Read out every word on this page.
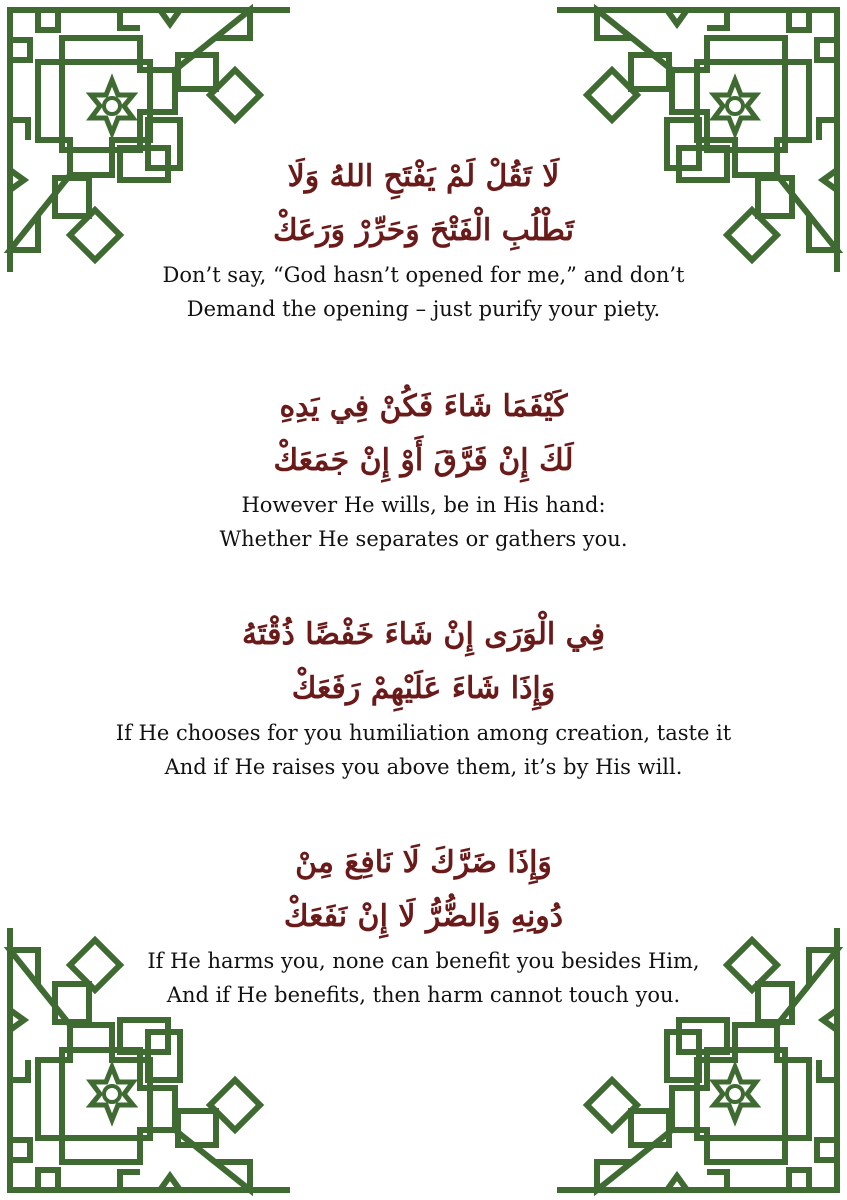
لَا تَقُلْ لَمْ يَفْتَحِ اللهُ وَلَا
تَطْلُبِ الْفَتْحَ وَحَرِّرْ وَرَعَكْ
Don’t say, “God hasn’t opened for me,” and don’t
Demand the opening – just purify your piety.
كَيْفَمَا شَاءَ فَكُنْ فِي يَدِهِ
لَكَ إِنْ فَرَّقَ أَوْ إِنْ جَمَعَكْ
However He wills, be in His hand:
Whether He separates or gathers you.
فِي الْوَرَى إِنْ شَاءَ خَفْضًا ذُقْتَهُ
وَإِذَا شَاءَ عَلَيْهِمْ رَفَعَكْ
If He chooses for you humiliation among creation, taste it
And if He raises you above them, it’s by His will.
وَإِذَا ضَرَّكَ لَا نَافِعَ مِنْ
دُونِهِ وَالضُّرُّ لَا إِنْ نَفَعَكْ
If He harms you, none can benefit you besides Him,
And if He benefits, then harm cannot touch you.
